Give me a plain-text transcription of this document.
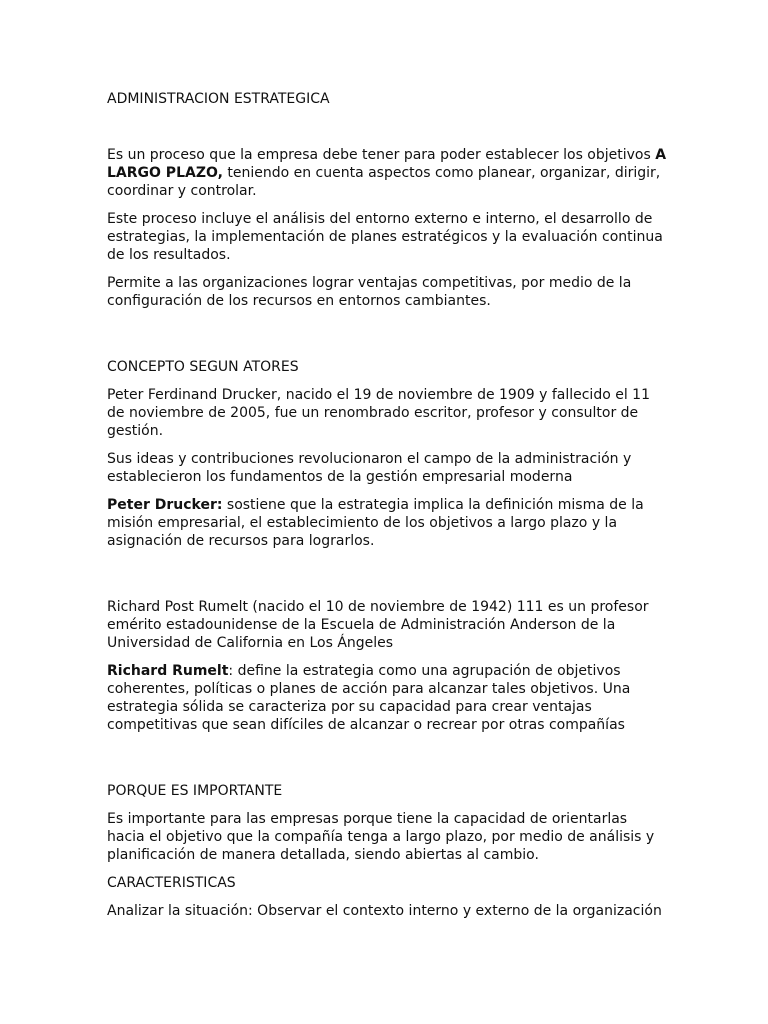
ADMINISTRACION ESTRATEGICA

Es un proceso que la empresa debe tener para poder establecer los objetivos A LARGO PLAZO, teniendo en cuenta aspectos como planear, organizar, dirigir, coordinar y controlar.

Este proceso incluye el análisis del entorno externo e interno, el desarrollo de estrategias, la implementación de planes estratégicos y la evaluación continua de los resultados.

Permite a las organizaciones lograr ventajas competitivas, por medio de la configuración de los recursos en entornos cambiantes.

CONCEPTO SEGUN ATORES

Peter Ferdinand Drucker, nacido el 19 de noviembre de 1909 y fallecido el 11 de noviembre de 2005, fue un renombrado escritor, profesor y consultor de gestión.

Sus ideas y contribuciones revolucionaron el campo de la administración y establecieron los fundamentos de la gestión empresarial moderna

Peter Drucker: sostiene que la estrategia implica la definición misma de la misión empresarial, el establecimiento de los objetivos a largo plazo y la asignación de recursos para lograrlos.

Richard Post Rumelt (nacido el 10 de noviembre de 1942) 111 es un profesor emérito estadounidense de la Escuela de Administración Anderson de la Universidad de California en Los Ángeles

Richard Rumelt: define la estrategia como una agrupación de objetivos coherentes, políticas o planes de acción para alcanzar tales objetivos. Una estrategia sólida se caracteriza por su capacidad para crear ventajas competitivas que sean difíciles de alcanzar o recrear por otras compañías

PORQUE ES IMPORTANTE

Es importante para las empresas porque tiene la capacidad de orientarlas hacia el objetivo que la compañía tenga a largo plazo, por medio de análisis y planificación de manera detallada, siendo abiertas al cambio.

CARACTERISTICAS

Analizar la situación: Observar el contexto interno y externo de la organización
